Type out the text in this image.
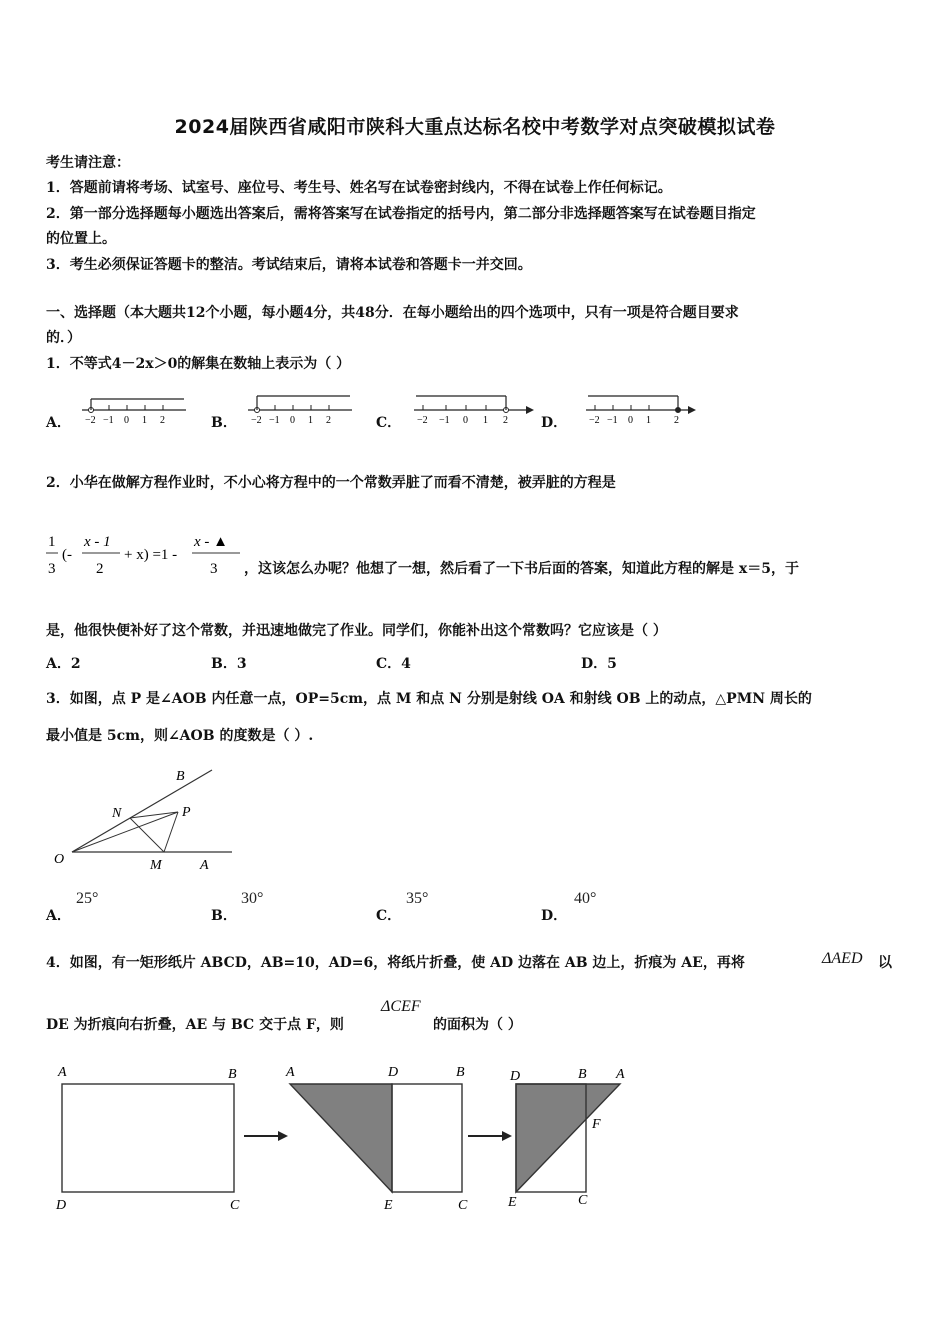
2024届陕西省咸阳市陕科大重点达标名校中考数学对点突破模拟试卷
考生请注意：
1．答题前请将考场、试室号、座位号、考生号、姓名写在试卷密封线内，不得在试卷上作任何标记。
2．第一部分选择题每小题选出答案后，需将答案写在试卷指定的括号内，第二部分非选择题答案写在试卷题目指定
的位置上。
3．考生必须保证答题卡的整洁。考试结束后，请将本试卷和答题卡一并交回。
一、选择题（本大题共12个小题，每小题4分，共48分．在每小题给出的四个选项中，只有一项是符合题目要求
的．）
1．不等式4－2x＞0的解集在数轴上表示为（ ）
A．	B．	C．	D．
−2 −1 0 1 2	−2 −1 0 1 2	−2 −1 0 1 2	−2 −1 0 1 2
2．小华在做解方程作业时，不小心将方程中的一个常数弄脏了而看不清楚，被弄脏的方程是
1
3
(-
x - 1
2
+ x) =1 -
x - ▲
3 ，这该怎么办呢？他想了一想，然后看了一下书后面的答案，知道此方程的解是 x＝5，于
是，他很快便补好了这个常数，并迅速地做完了作业。同学们，你能补出这个常数吗？它应该是（ ）
A．2	B．3	C．4	D．5
3．如图，点 P 是∠AOB 内任意一点，OP=5cm，点 M 和点 N 分别是射线 OA 和射线 OB 上的动点，△PMN 周长的
最小值是 5cm，则∠AOB 的度数是（ ）.
B
N	P
O	M	A
A．
25°
B．
30°
C．
35°
D．
40°
4．如图，有一矩形纸片 ABCD，AB=10，AD=6，将纸片折叠，使 AD 边落在 AB 边上，折痕为 AE，再将	ΔAED 以
DE 为折痕向右折叠，AE 与 BC 交于点 F，则
ΔCEF
的面积为（ ）
A	B
C
D
A	D	B
E	C
D	B A
F
E	C
